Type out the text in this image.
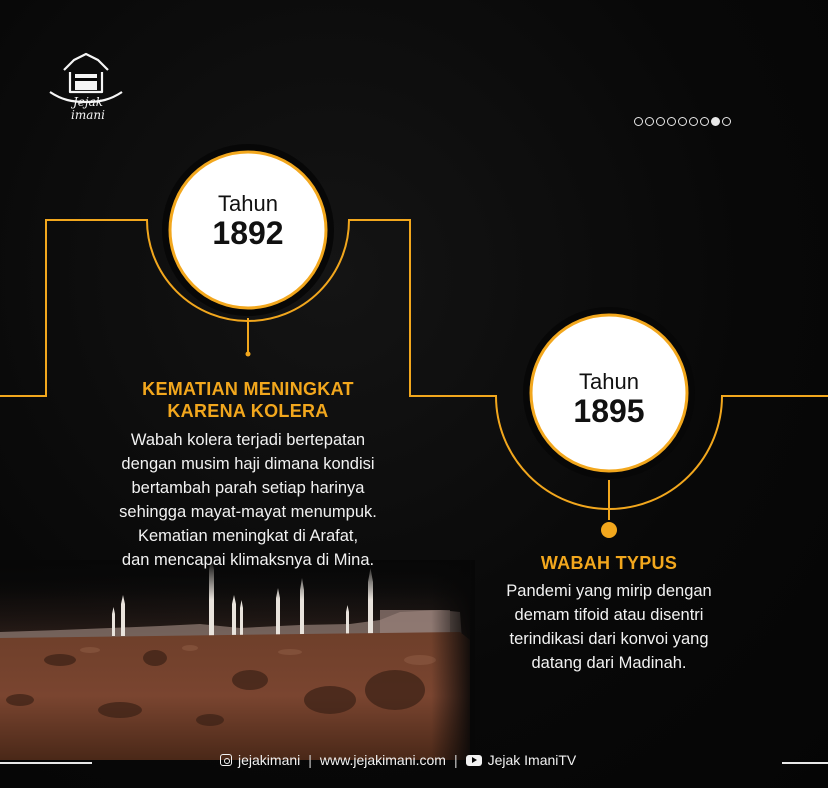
Jejak
imani
Tahun
1892
Tahun
1895
KEMATIAN MENINGKAT
KARENA KOLERA
Wabah kolera terjadi bertepatan
dengan musim haji dimana kondisi
bertambah parah setiap harinya
sehingga mayat-mayat menumpuk.
Kematian meningkat di Arafat,
dan mencapai klimaksnya di Mina.	WABAH TYPUS
Pandemi yang mirip dengan
demam tifoid atau disentri
terindikasi dari konvoi yang
datang dari Madinah.
jejakimani | www.jejakimani.com | Jejak ImaniTV
